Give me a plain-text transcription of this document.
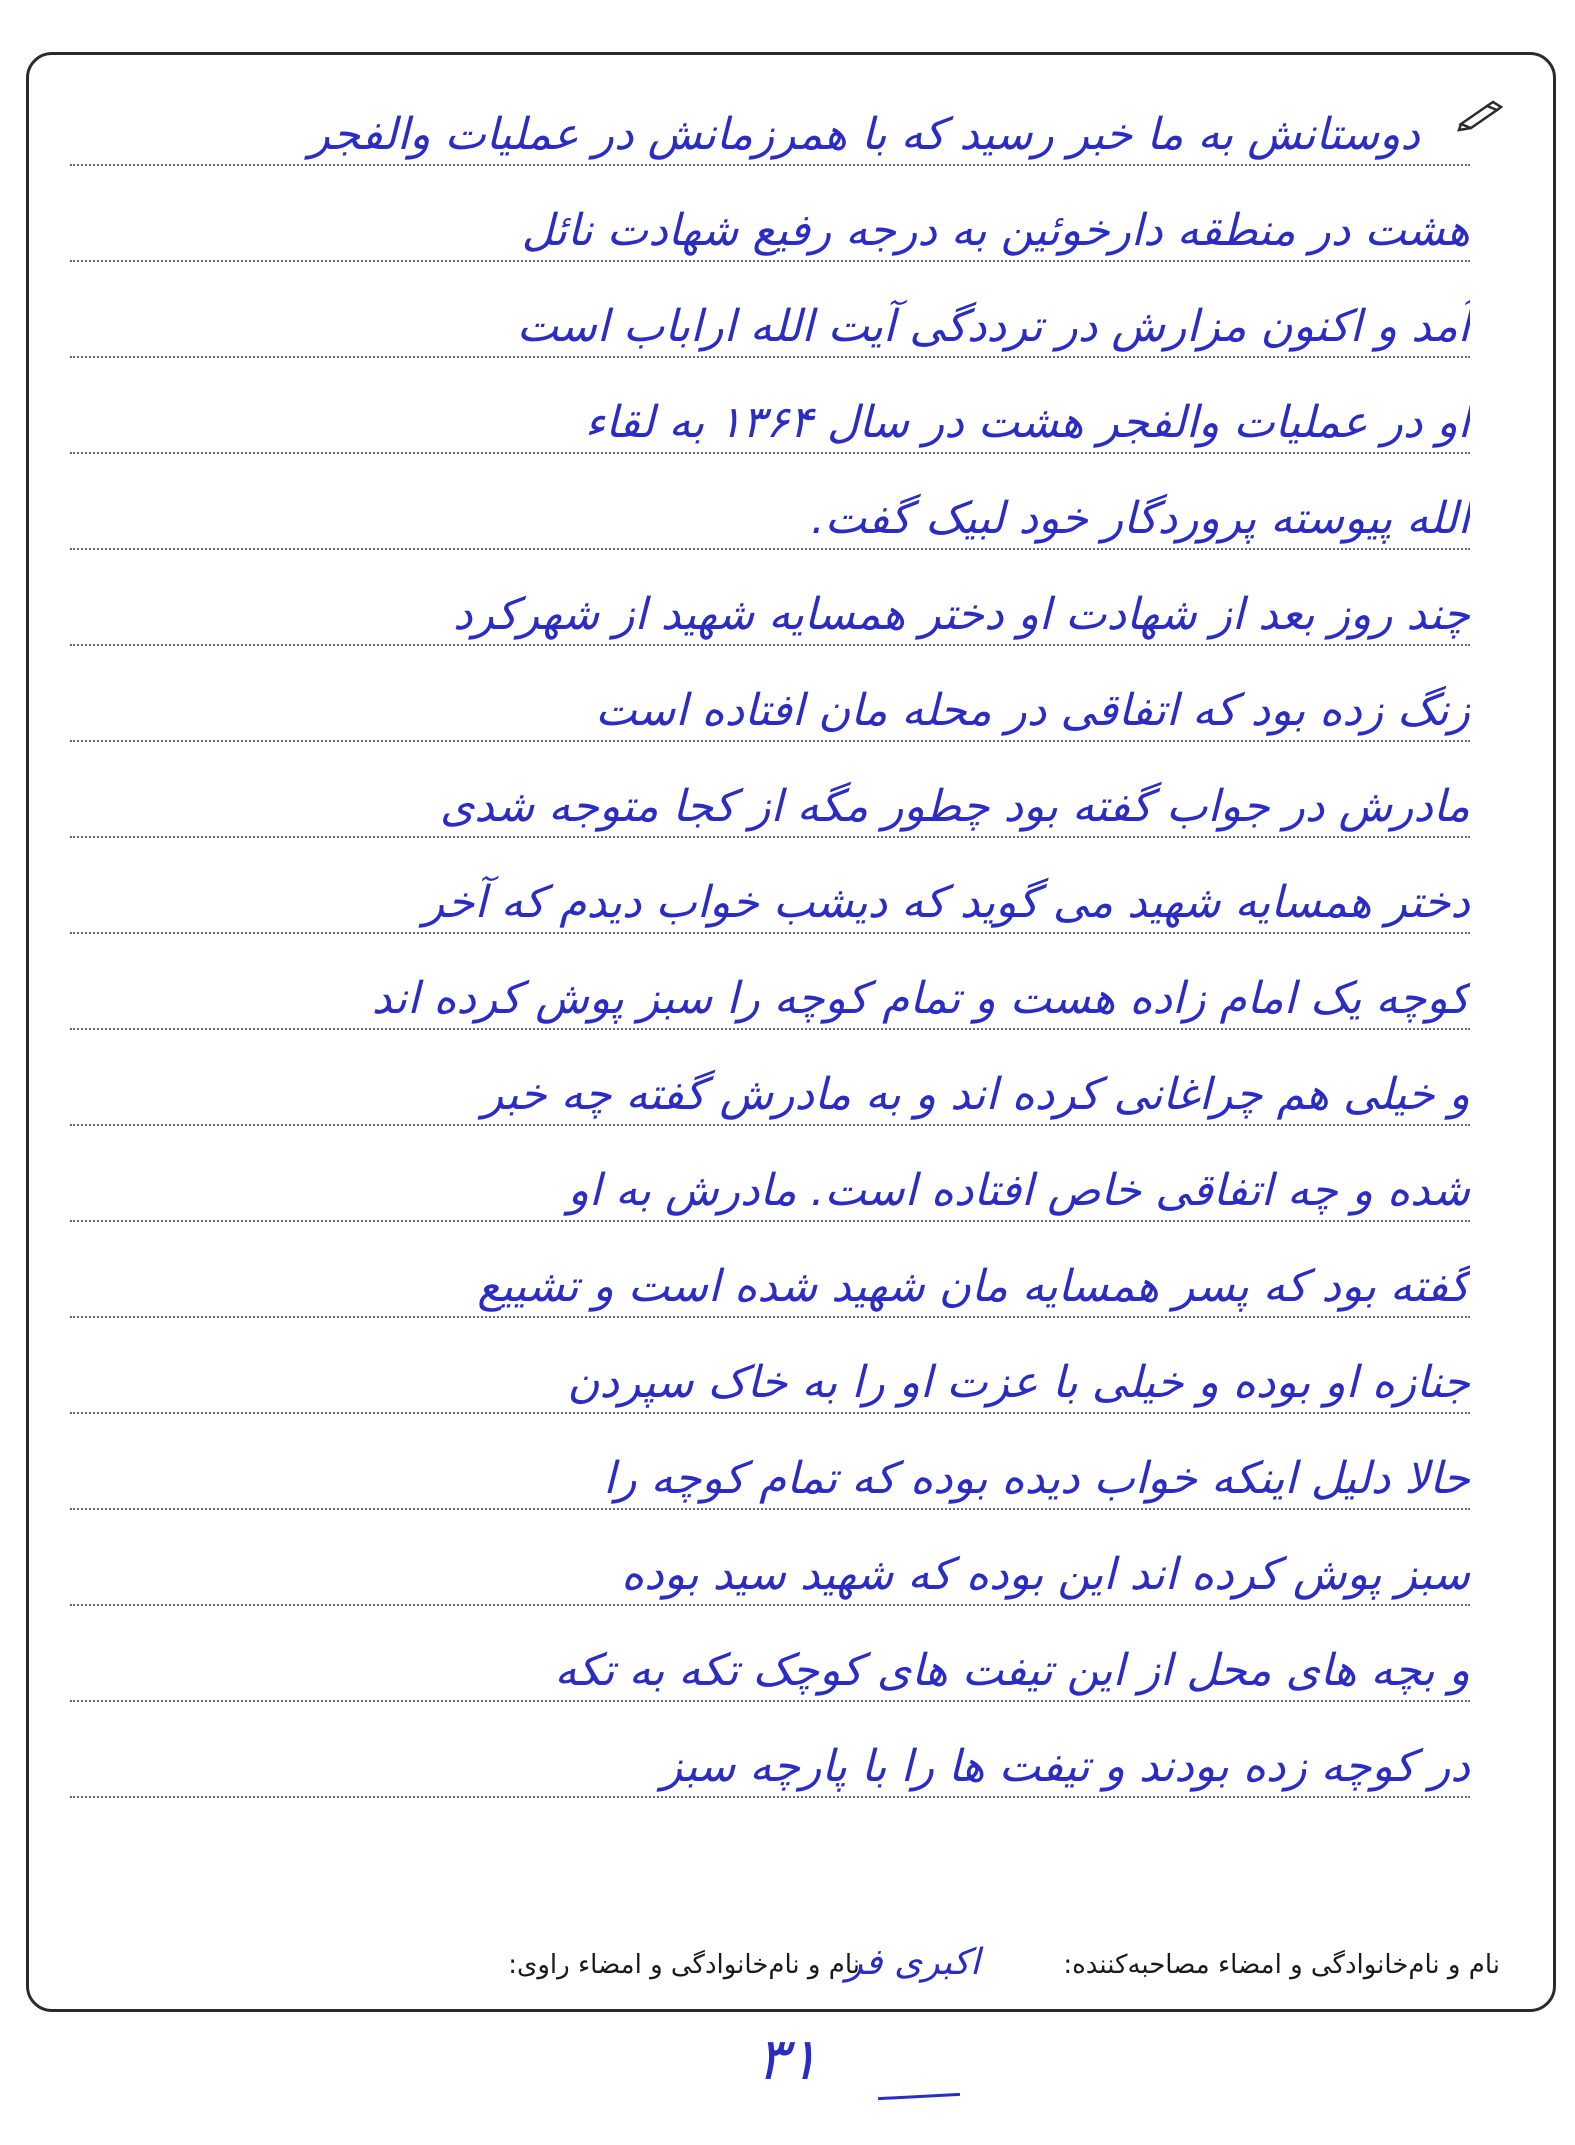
دوستانش به ما خبر رسید که با همرزمانش در عملیات والفجر
هشت در منطقه دارخوئین به درجه رفیع شهادت نائل
آمد و اکنون مزارش در ترددگی آیت الله اراباب است
او در عملیات والفجر هشت در سال ۱۳۶۴ به لقاء
الله پیوسته پروردگار خود لبیک گفت.
چند روز بعد از شهادت او دختر همسایه شهید از شهرکرد
زنگ زده بود که اتفاقی در محله مان افتاده است
مادرش در جواب گفته بود چطور مگه از کجا متوجه شدی
دختر همسایه شهید می گوید که دیشب خواب دیدم که آخر
کوچه یک امام زاده هست و تمام کوچه را سبز پوش کرده اند
و خیلی هم چراغانی کرده اند و به مادرش گفته چه خبر
شده و چه اتفاقی خاص افتاده است. مادرش به او
گفته بود که پسر همسایه مان شهید شده است و تشییع
جنازه او بوده و خیلی با عزت او را به خاک سپردن
حالا دلیل اینکه خواب دیده بوده که تمام کوچه را
سبز پوش کرده اند این بوده که شهید سید بوده
و بچه های محل از این تیفت های کوچک تکه به تکه
در کوچه زده بودند و تیفت ها را با پارچه سبز
نام و نام‌خانوادگی و امضاء مصاحبه‌کننده:
اکبری فر
نام و نام‌خانوادگی و امضاء راوی:
۳۱
